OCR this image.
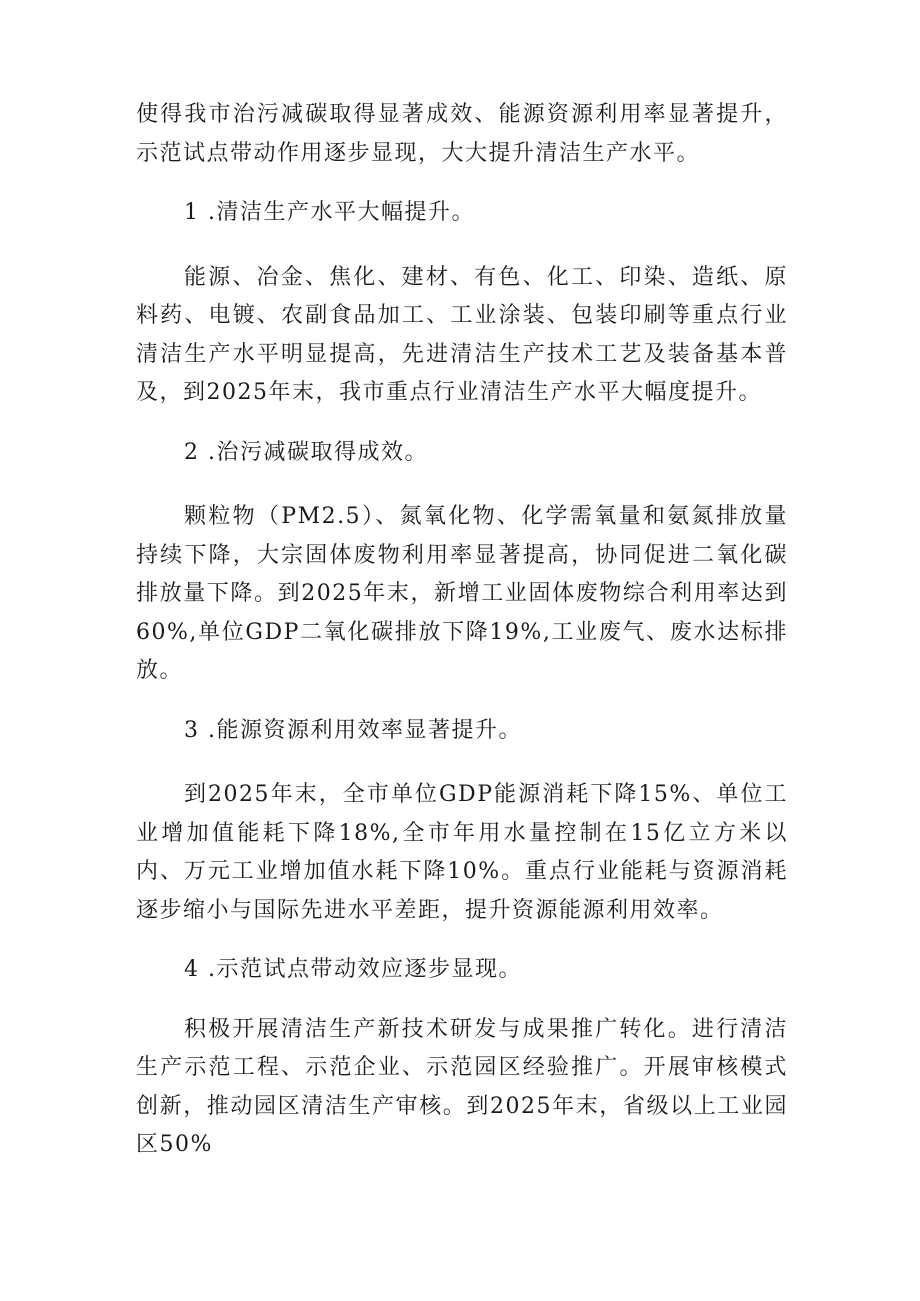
使得我市治污减碳取得显著成效、能源资源利用率显著提升，示范试点带动作用逐步显现，大大提升清洁生产水平。

1 .清洁生产水平大幅提升。

能源、冶金、焦化、建材、有色、化工、印染、造纸、原料药、电镀、农副食品加工、工业涂装、包装印刷等重点行业清洁生产水平明显提高，先进清洁生产技术工艺及装备基本普及，到2025年末，我市重点行业清洁生产水平大幅度提升。

2 .治污减碳取得成效。

颗粒物（PM2.5）、氮氧化物、化学需氧量和氨氮排放量持续下降，大宗固体废物利用率显著提高，协同促进二氧化碳排放量下降。到2025年末，新增工业固体废物综合利用率达到60%,单位GDP二氧化碳排放下降19%,工业废气、废水达标排放。

3 .能源资源利用效率显著提升。

到2025年末，全市单位GDP能源消耗下降15%、单位工业增加值能耗下降18%,全市年用水量控制在15亿立方米以内、万元工业增加值水耗下降10%。重点行业能耗与资源消耗逐步缩小与国际先进水平差距，提升资源能源利用效率。

4 .示范试点带动效应逐步显现。

积极开展清洁生产新技术研发与成果推广转化。进行清洁生产示范工程、示范企业、示范园区经验推广。开展审核模式创新，推动园区清洁生产审核。到2025年末，省级以上工业园区50%
